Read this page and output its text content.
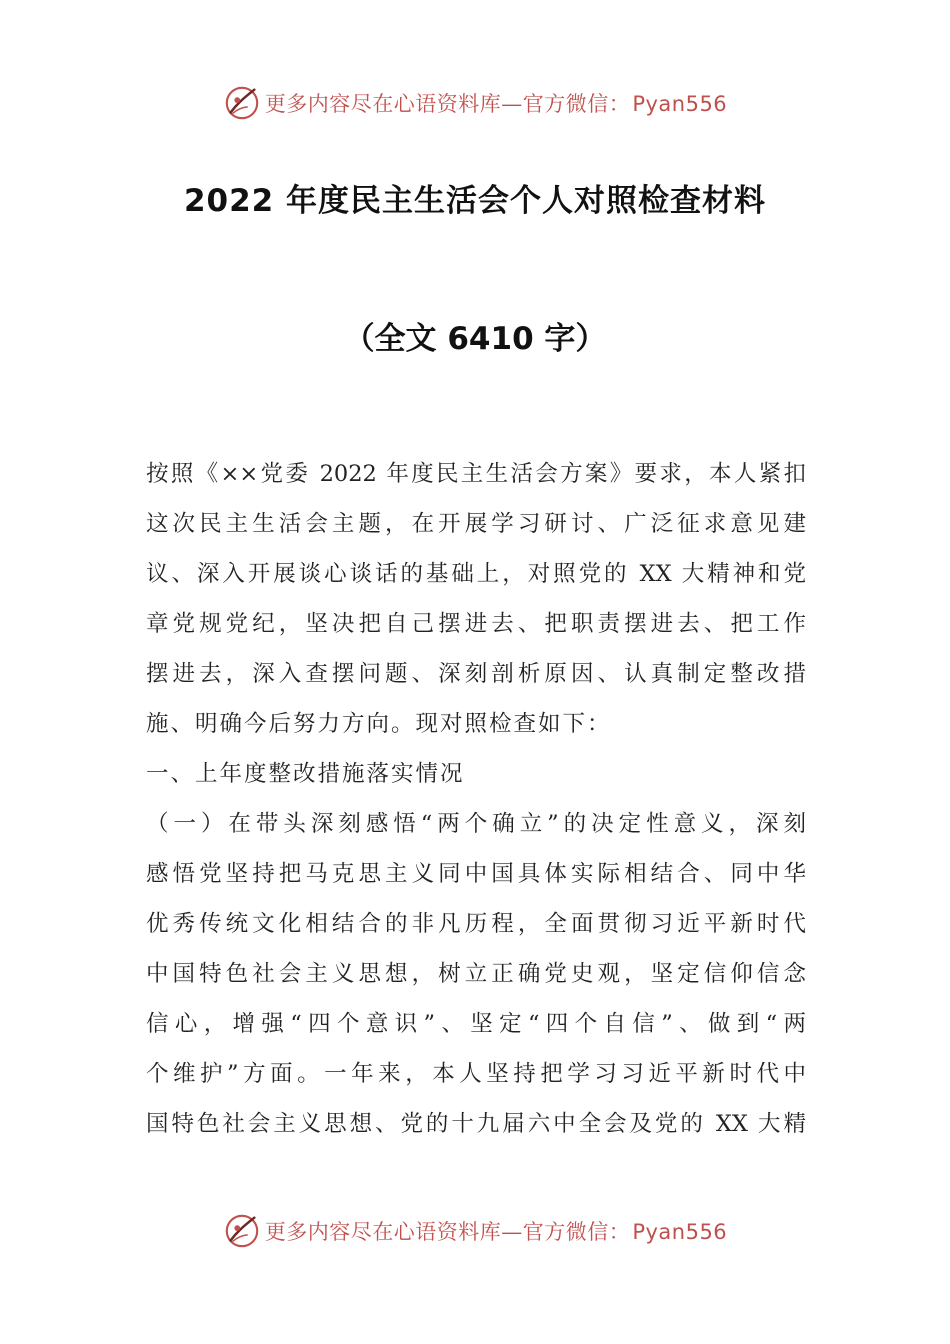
更多内容尽在心语资料库—官方微信：Pyan556
2022 年度民主生活会个人对照检查材料
（全文 6410 字）
按照《××党委 2022 年度民主生活会方案》要求，本人紧扣
这次民主生活会主题，在开展学习研讨、广泛征求意见建
议、深入开展谈心谈话的基础上，对照党的 XX 大精神和党
章党规党纪，坚决把自己摆进去、把职责摆进去、把工作
摆进去，深入查摆问题、深刻剖析原因、认真制定整改措
施、明确今后努力方向。现对照检查如下：
一、上年度整改措施落实情况
（一）在带头深刻感悟“两个确立”的决定性意义，深刻
感悟党坚持把马克思主义同中国具体实际相结合、同中华
优秀传统文化相结合的非凡历程，全面贯彻习近平新时代
中国特色社会主义思想，树立正确党史观，坚定信仰信念
信心，增强“四个意识”、坚定“四个自信”、做到“两
个维护”方面。一年来，本人坚持把学习习近平新时代中
国特色社会主义思想、党的十九届六中全会及党的 XX 大精
更多内容尽在心语资料库—官方微信：Pyan556
